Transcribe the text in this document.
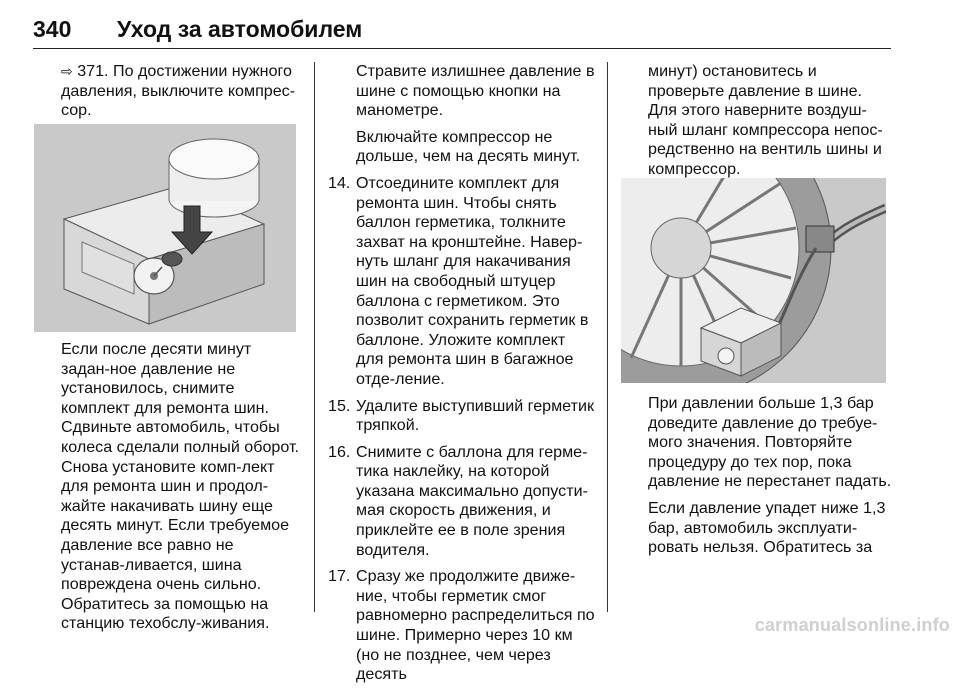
340 Уход за автомобилем

⇨ 371. По достижении нужного давления, выключите компрес-сор.

Если после десяти минут задан-ное давление не установилось, снимите комплект для ремонта шин. Сдвиньте автомобиль, чтобы колеса сделали полный оборот. Снова установите комп-лект для ремонта шин и продол-жайте накачивать шину еще десять минут. Если требуемое давление все равно не устанав-ливается, шина повреждена очень сильно. Обратитесь за помощью на станцию техобслу-живания.

Стравите излишнее давление в шине с помощью кнопки на манометре.

Включайте компрессор не дольше, чем на десять минут.

14. Отсоедините комплект для ремонта шин. Чтобы снять баллон герметика, толкните захват на кронштейне. Навер-нуть шланг для накачивания шин на свободный штуцер баллона с герметиком. Это позволит сохранить герметик в баллоне. Уложите комплект для ремонта шин в багажное отде-ление.
15. Удалите выступивший герметик тряпкой.
16. Снимите с баллона для герме-тика наклейку, на которой указана максимально допусти-мая скорость движения, и приклейте ее в поле зрения водителя.
17. Сразу же продолжите движе-ние, чтобы герметик смог равномерно распределиться по шине. Примерно через 10 км (но не позднее, чем через десять

минут) остановитесь и проверьте давление в шине. Для этого наверните воздуш-ный шланг компрессора непос-редственно на вентиль шины и компрессор.

При давлении больше 1,3 бар доведите давление до требуе-мого значения. Повторяйте процедуру до тех пор, пока давление не перестанет падать.

Если давление упадет ниже 1,3 бар, автомобиль эксплуати-ровать нельзя. Обратитесь за

carmanualsonline.info
